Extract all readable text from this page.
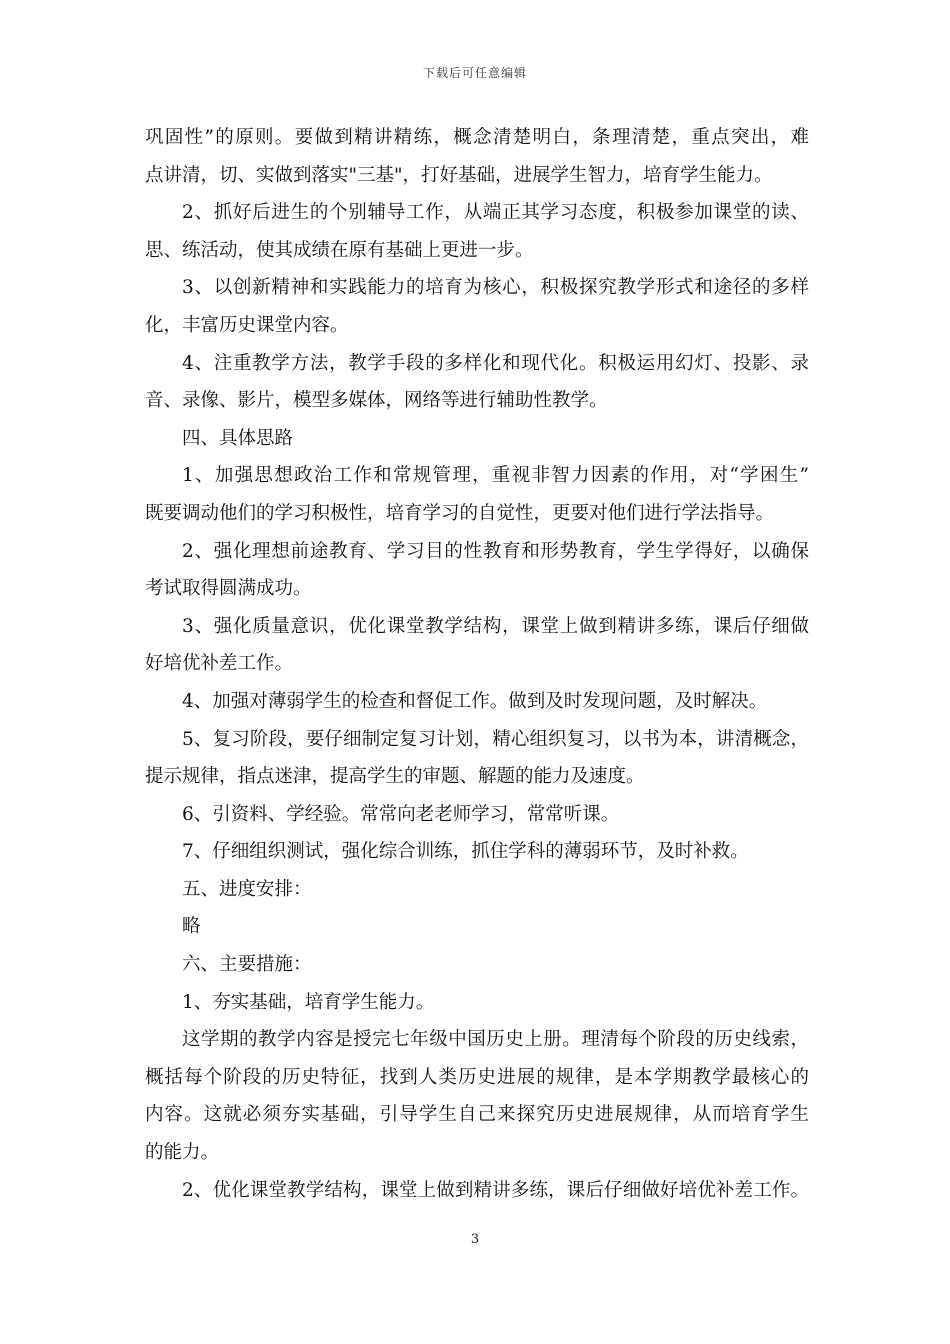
下载后可任意编辑
巩固性”的原则。要做到精讲精练，概念清楚明白，条理清楚，重点突出，难
点讲清，切、实做到落实"三基"，打好基础，进展学生智力，培育学生能力。
2、抓好后进生的个别辅导工作，从端正其学习态度，积极参加课堂的读、
思、练活动，使其成绩在原有基础上更进一步。
3、以创新精神和实践能力的培育为核心，积极探究教学形式和途径的多样
化，丰富历史课堂内容。
4、注重教学方法，教学手段的多样化和现代化。积极运用幻灯、投影、录
音、录像、影片，模型多媒体，网络等进行辅助性教学。
四、具体思路
1、加强思想政治工作和常规管理，重视非智力因素的作用，对“学困生”
既要调动他们的学习积极性，培育学习的自觉性，更要对他们进行学法指导。
2、强化理想前途教育、学习目的性教育和形势教育，学生学得好，以确保
考试取得圆满成功。
3、强化质量意识，优化课堂教学结构，课堂上做到精讲多练，课后仔细做
好培优补差工作。
4、加强对薄弱学生的检查和督促工作。做到及时发现问题，及时解决。
5、复习阶段，要仔细制定复习计划，精心组织复习，以书为本，讲清概念，
提示规律，指点迷津，提高学生的审题、解题的能力及速度。
6、引资料、学经验。常常向老老师学习，常常听课。
7、仔细组织测试，强化综合训练，抓住学科的薄弱环节，及时补救。
五、进度安排：
略
六、主要措施：
1、夯实基础，培育学生能力。
这学期的教学内容是授完七年级中国历史上册。理清每个阶段的历史线索，
概括每个阶段的历史特征，找到人类历史进展的规律，是本学期教学最核心的
内容。这就必须夯实基础，引导学生自己来探究历史进展规律，从而培育学生
的能力。
2、优化课堂教学结构，课堂上做到精讲多练，课后仔细做好培优补差工作。
3
